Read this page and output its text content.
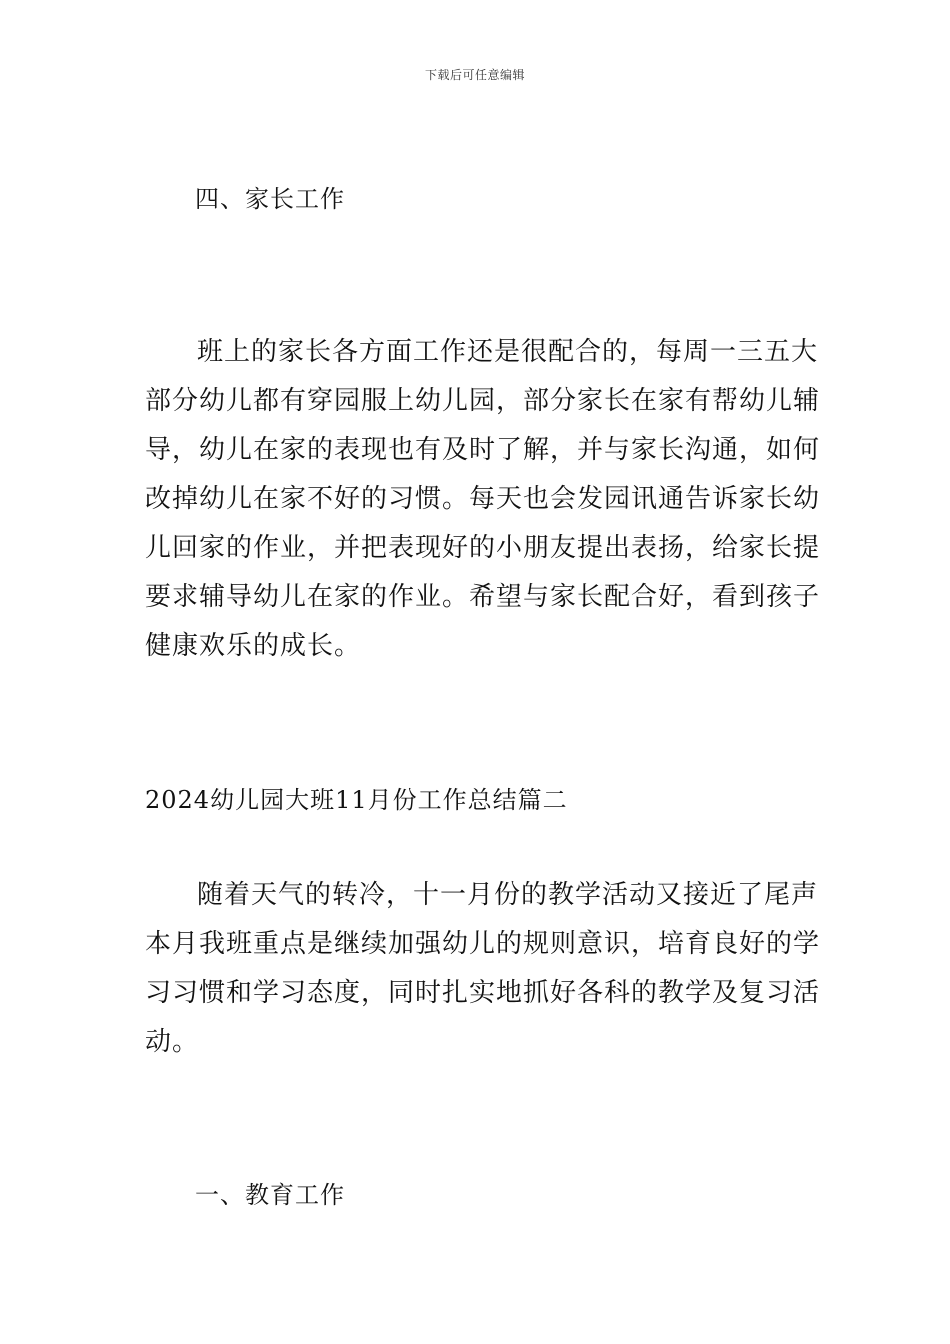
下载后可任意编辑
四、家长工作
班上的家长各方面工作还是很配合的，每周一三五大
部分幼儿都有穿园服上幼儿园，部分家长在家有帮幼儿辅
导，幼儿在家的表现也有及时了解，并与家长沟通，如何
改掉幼儿在家不好的习惯。每天也会发园讯通告诉家长幼
儿回家的作业，并把表现好的小朋友提出表扬，给家长提
要求辅导幼儿在家的作业。希望与家长配合好，看到孩子
健康欢乐的成长。
2024幼儿园大班11月份工作总结篇二
随着天气的转冷，十一月份的教学活动又接近了尾声
本月我班重点是继续加强幼儿的规则意识，培育良好的学
习习惯和学习态度，同时扎实地抓好各科的教学及复习活
动。
一、教育工作
